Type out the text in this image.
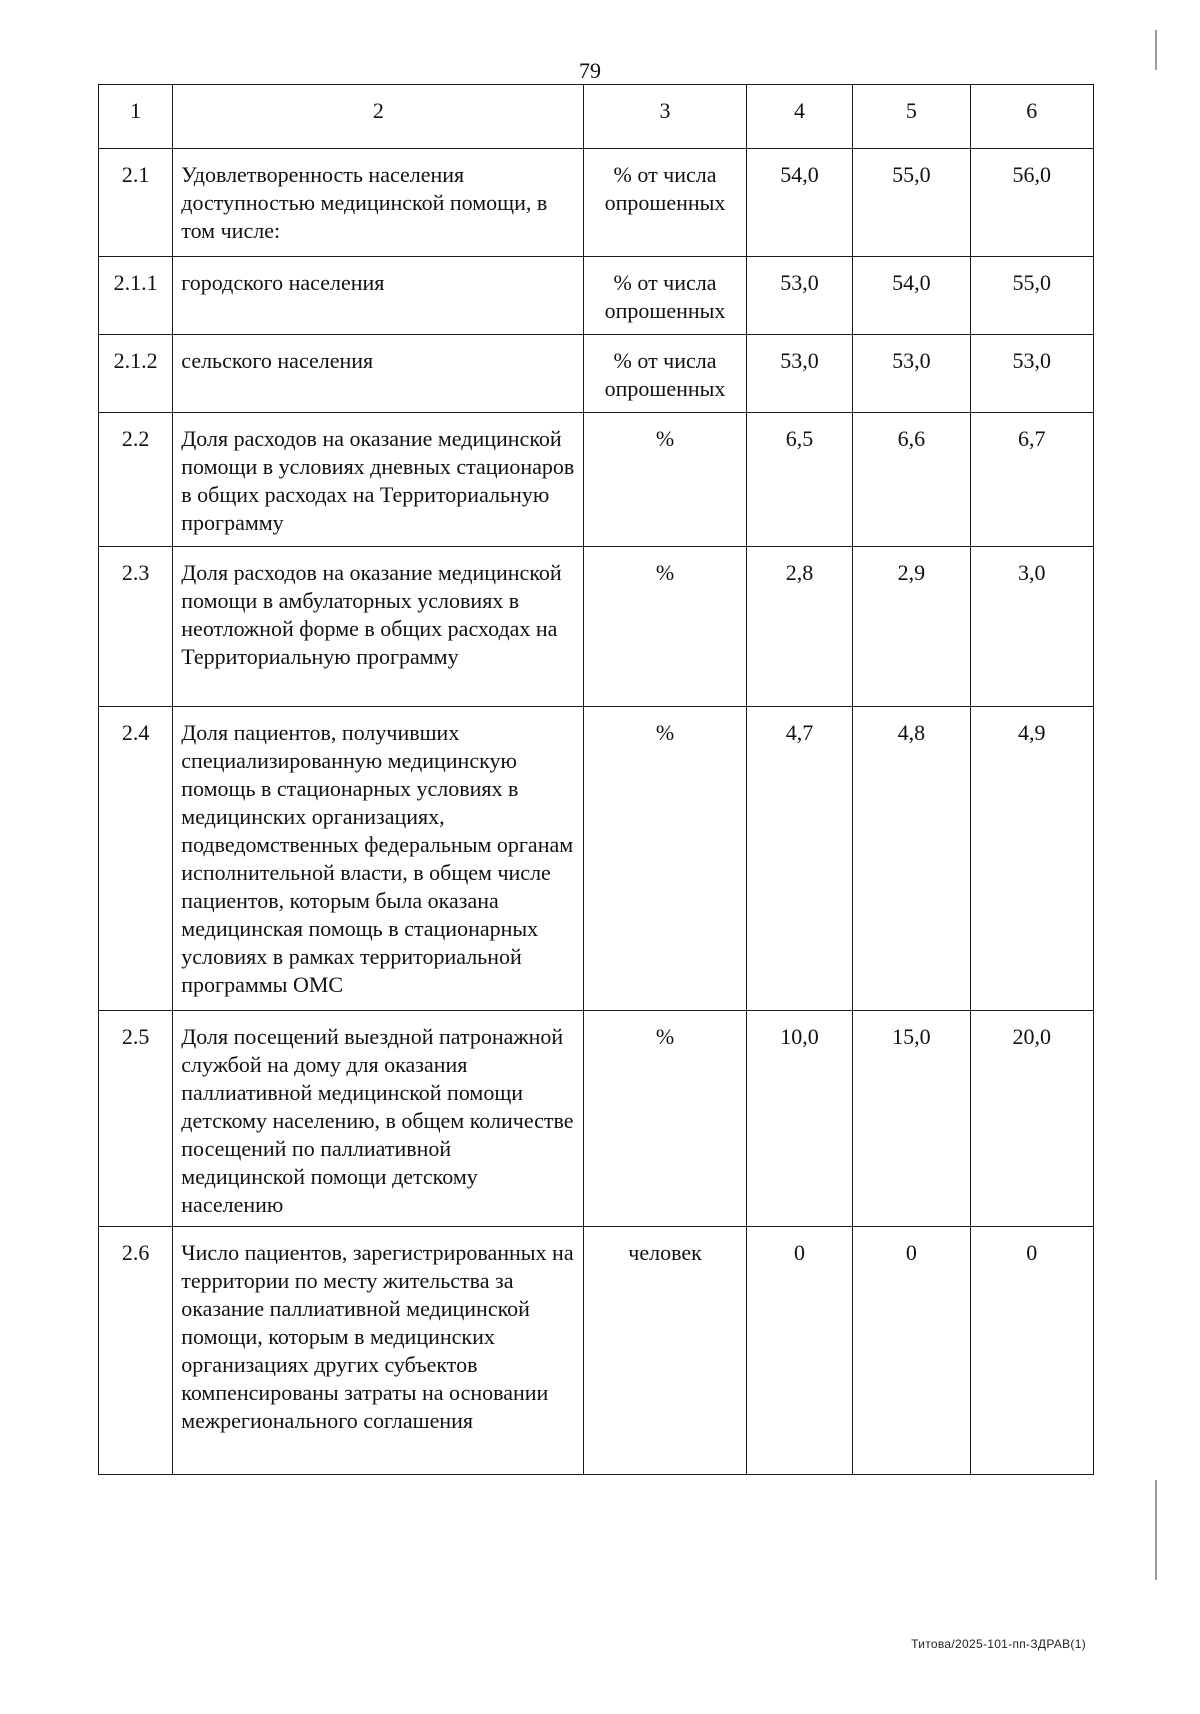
79
1	2	3	4	5	6
2.1	Удовлетворенность населения доступностью медицинской помощи, в том числе:	% от числа опрошенных	54,0	55,0	56,0
2.1.1	городского населения	% от числа опрошенных	53,0	54,0	55,0
2.1.2	сельского населения	% от числа опрошенных	53,0	53,0	53,0
2.2	Доля расходов на оказание медицинской помощи в условиях дневных стационаров в общих расходах на Территориальную программу	%	6,5	6,6	6,7
2.3	Доля расходов на оказание медицинской помощи в амбулаторных условиях в неотложной форме в общих расходах на Территориальную программу	%	2,8	2,9	3,0
2.4	Доля пациентов, получивших специализированную медицинскую помощь в стационарных условиях в медицинских организациях, подведомственных федеральным органам исполнительной власти, в общем числе пациентов, которым была оказана медицинская помощь в стационарных условиях в рамках территориальной программы ОМС	%	4,7	4,8	4,9
2.5	Доля посещений выездной патронажной службой на дому для оказания паллиативной медицинской помощи детскому населению, в общем количестве посещений по паллиативной медицинской помощи детскому населению	%	10,0	15,0	20,0
2.6	Число пациентов, зарегистрированных на территории по месту жительства за оказание паллиативной медицинской помощи, которым в медицинских организациях других субъектов компенсированы затраты на основании межрегионального соглашения	человек	0	0	0
Титова/2025-101-пп-ЗДРАВ(1)
